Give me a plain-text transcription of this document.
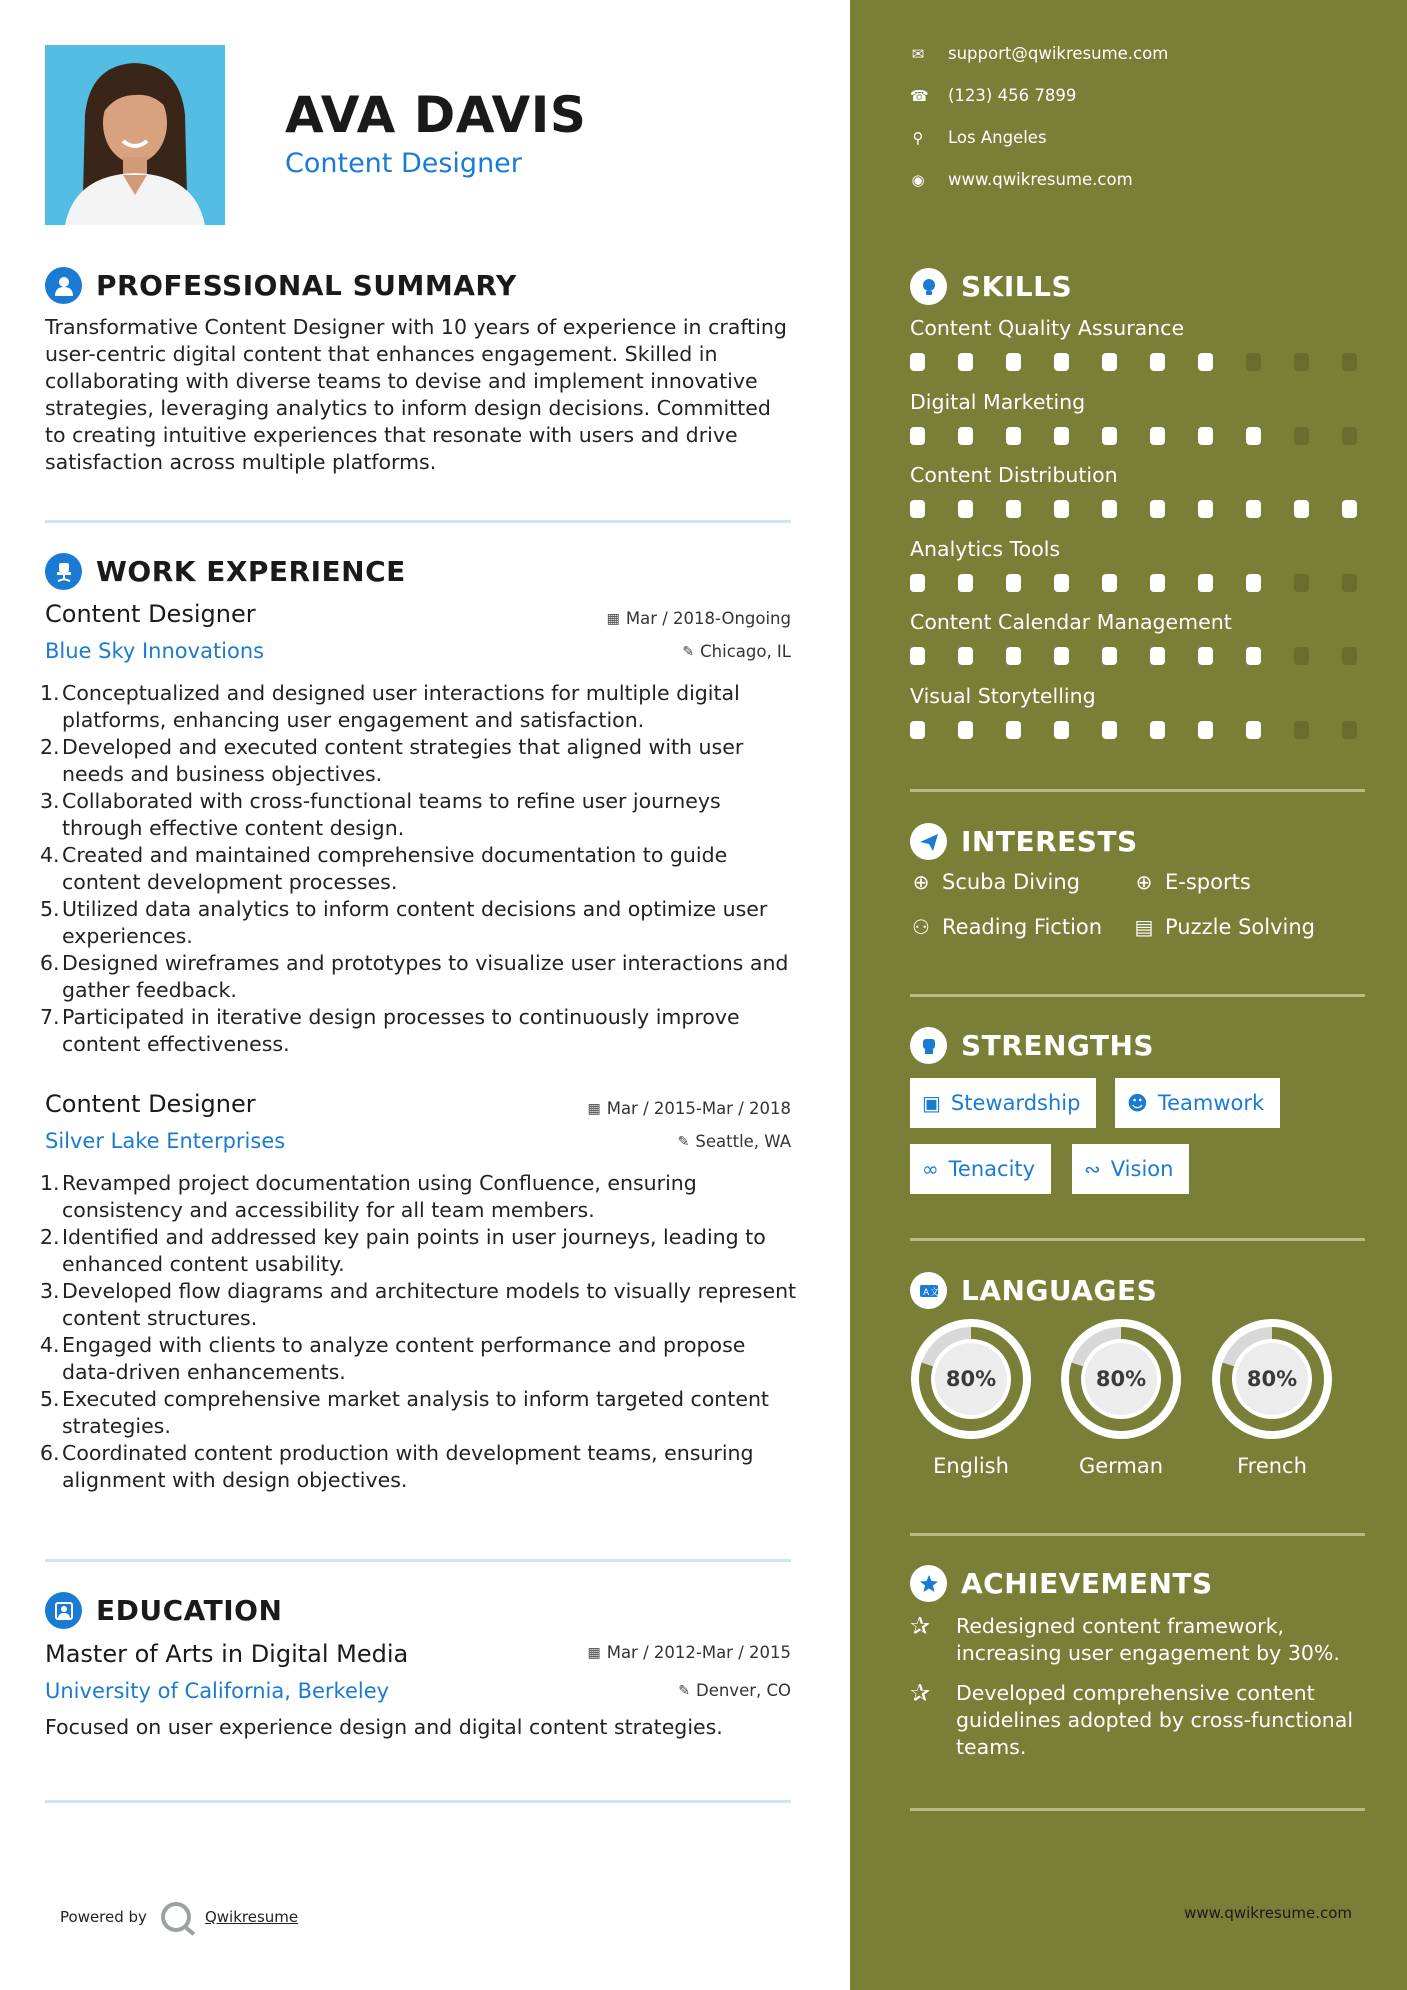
AVA DAVIS
Content Designer
PROFESSIONAL SUMMARY
Transformative Content Designer with 10 years of experience in crafting user-centric digital content that enhances engagement. Skilled in collaborating with diverse teams to devise and implement innovative strategies, leveraging analytics to inform design decisions. Committed to creating intuitive experiences that resonate with users and drive satisfaction across multiple platforms.
WORK EXPERIENCE
Content Designer	▦ Mar / 2018-Ongoing
Blue Sky Innovations	✎ Chicago, IL
1. Conceptualized and designed user interactions for multiple digital platforms, enhancing user engagement and satisfaction.
2. Developed and executed content strategies that aligned with user needs and business objectives.
3. Collaborated with cross-functional teams to refine user journeys through effective content design.
4. Created and maintained comprehensive documentation to guide content development processes.
5. Utilized data analytics to inform content decisions and optimize user experiences.
6. Designed wireframes and prototypes to visualize user interactions and gather feedback.
7. Participated in iterative design processes to continuously improve content effectiveness.
Content Designer	▦ Mar / 2015-Mar / 2018
Silver Lake Enterprises	✎ Seattle, WA
1. Revamped project documentation using Confluence, ensuring consistency and accessibility for all team members.
2. Identified and addressed key pain points in user journeys, leading to enhanced content usability.
3. Developed flow diagrams and architecture models to visually represent content structures.
4. Engaged with clients to analyze content performance and propose data-driven enhancements.
5. Executed comprehensive market analysis to inform targeted content strategies.
6. Coordinated content production with development teams, ensuring alignment with design objectives.
EDUCATION
Master of Arts in Digital Media	▦ Mar / 2012-Mar / 2015
University of California, Berkeley	✎ Denver, CO
Focused on user experience design and digital content strategies.
Powered by	Qwikresume
✉ support@qwikresume.com
☎ (123) 456 7899
⚲ Los Angeles
◉ www.qwikresume.com
SKILLS
Content Quality Assurance
Digital Marketing
Content Distribution
Analytics Tools
Content Calendar Management
Visual Storytelling
INTERESTS
⊕ Scuba Diving	⊕ E-sports
⚇ Reading Fiction ▤ Puzzle Solving
STRENGTHS
▣ Stewardship ☻ Teamwork
∞ Tenacity ∾ Vision
A 文 LANGUAGES
80%
English
80%
German
80%
French
ACHIEVEMENTS
✰	Redesigned content framework, increasing user engagement by 30%.
✰	Developed comprehensive content guidelines adopted by cross-functional teams.
www.qwikresume.com
